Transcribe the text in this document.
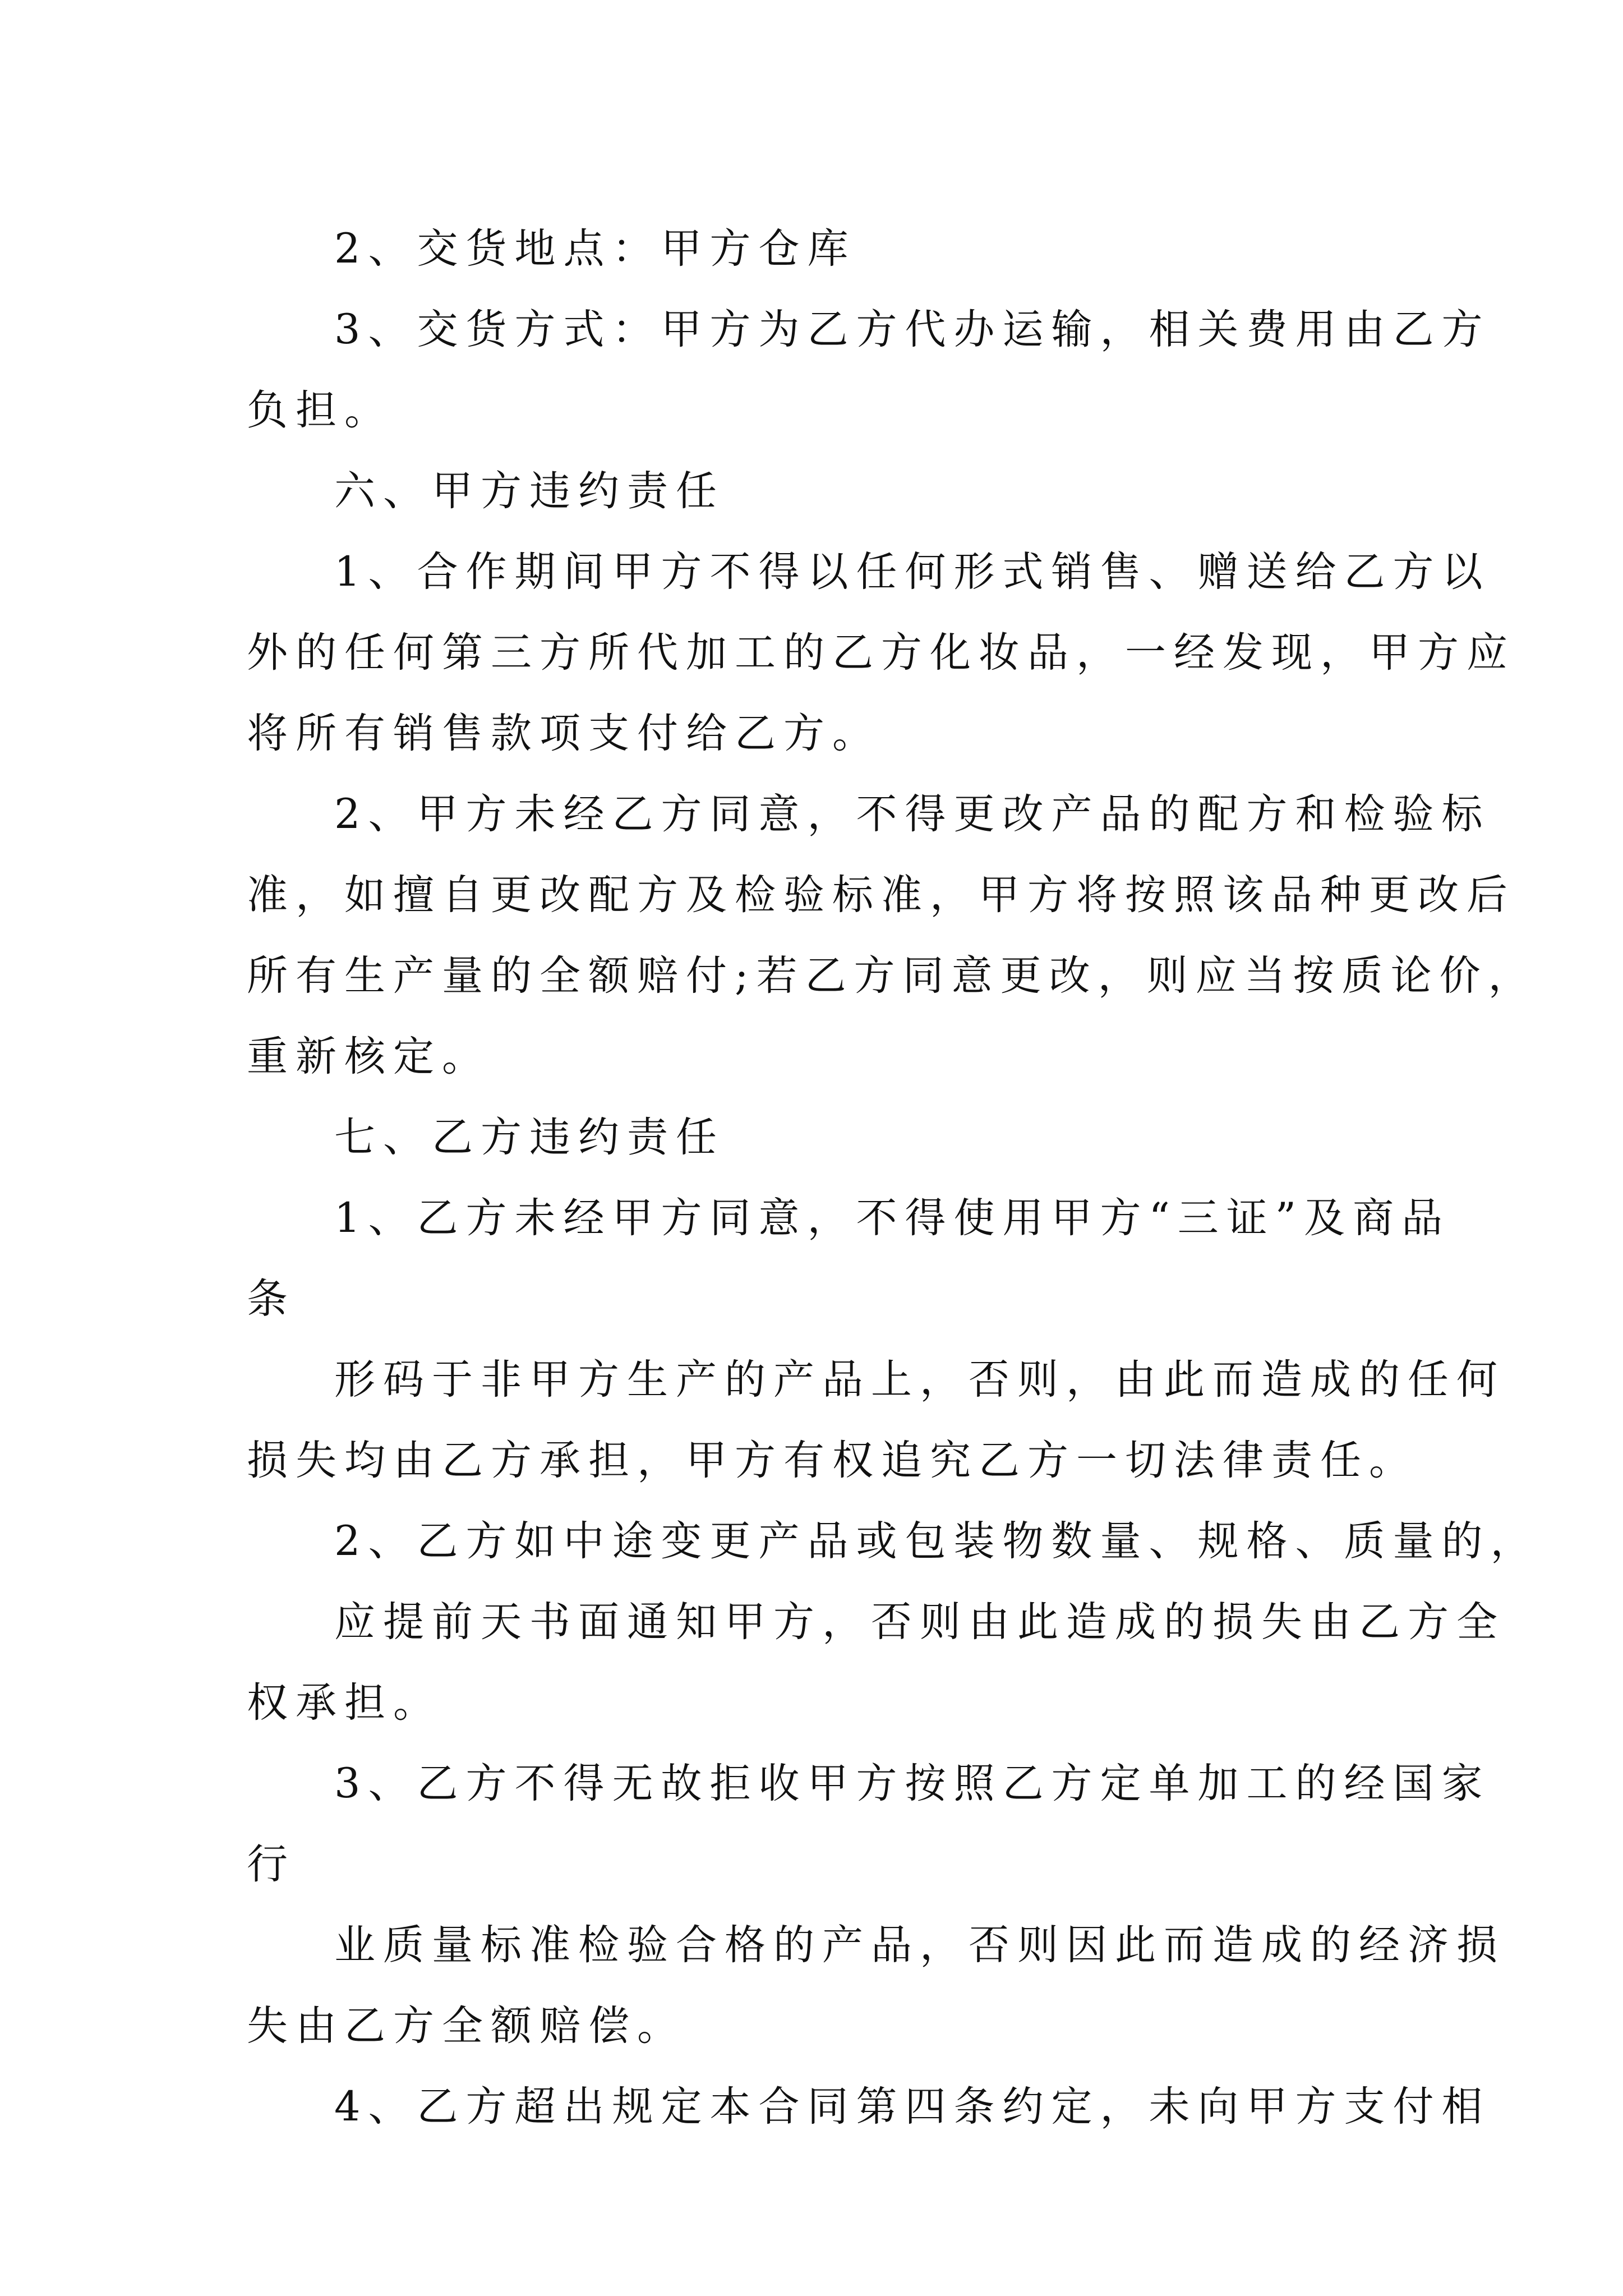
2、交货地点：甲方仓库
3、交货方式：甲方为乙方代办运输，相关费用由乙方
负担。
六、甲方违约责任
1、合作期间甲方不得以任何形式销售、赠送给乙方以
外的任何第三方所代加工的乙方化妆品，一经发现，甲方应
将所有销售款项支付给乙方。
2、甲方未经乙方同意，不得更改产品的配方和检验标
准，如擅自更改配方及检验标准，甲方将按照该品种更改后
所有生产量的全额赔付;若乙方同意更改，则应当按质论价，
重新核定。
七、乙方违约责任
1、乙方未经甲方同意，不得使用甲方“三证”及商品
条
形码于非甲方生产的产品上，否则，由此而造成的任何
损失均由乙方承担，甲方有权追究乙方一切法律责任。
2、乙方如中途变更产品或包装物数量、规格、质量的，
应提前天书面通知甲方，否则由此造成的损失由乙方全
权承担。
3、乙方不得无故拒收甲方按照乙方定单加工的经国家
行
业质量标准检验合格的产品，否则因此而造成的经济损
失由乙方全额赔偿。
4、乙方超出规定本合同第四条约定，未向甲方支付相
